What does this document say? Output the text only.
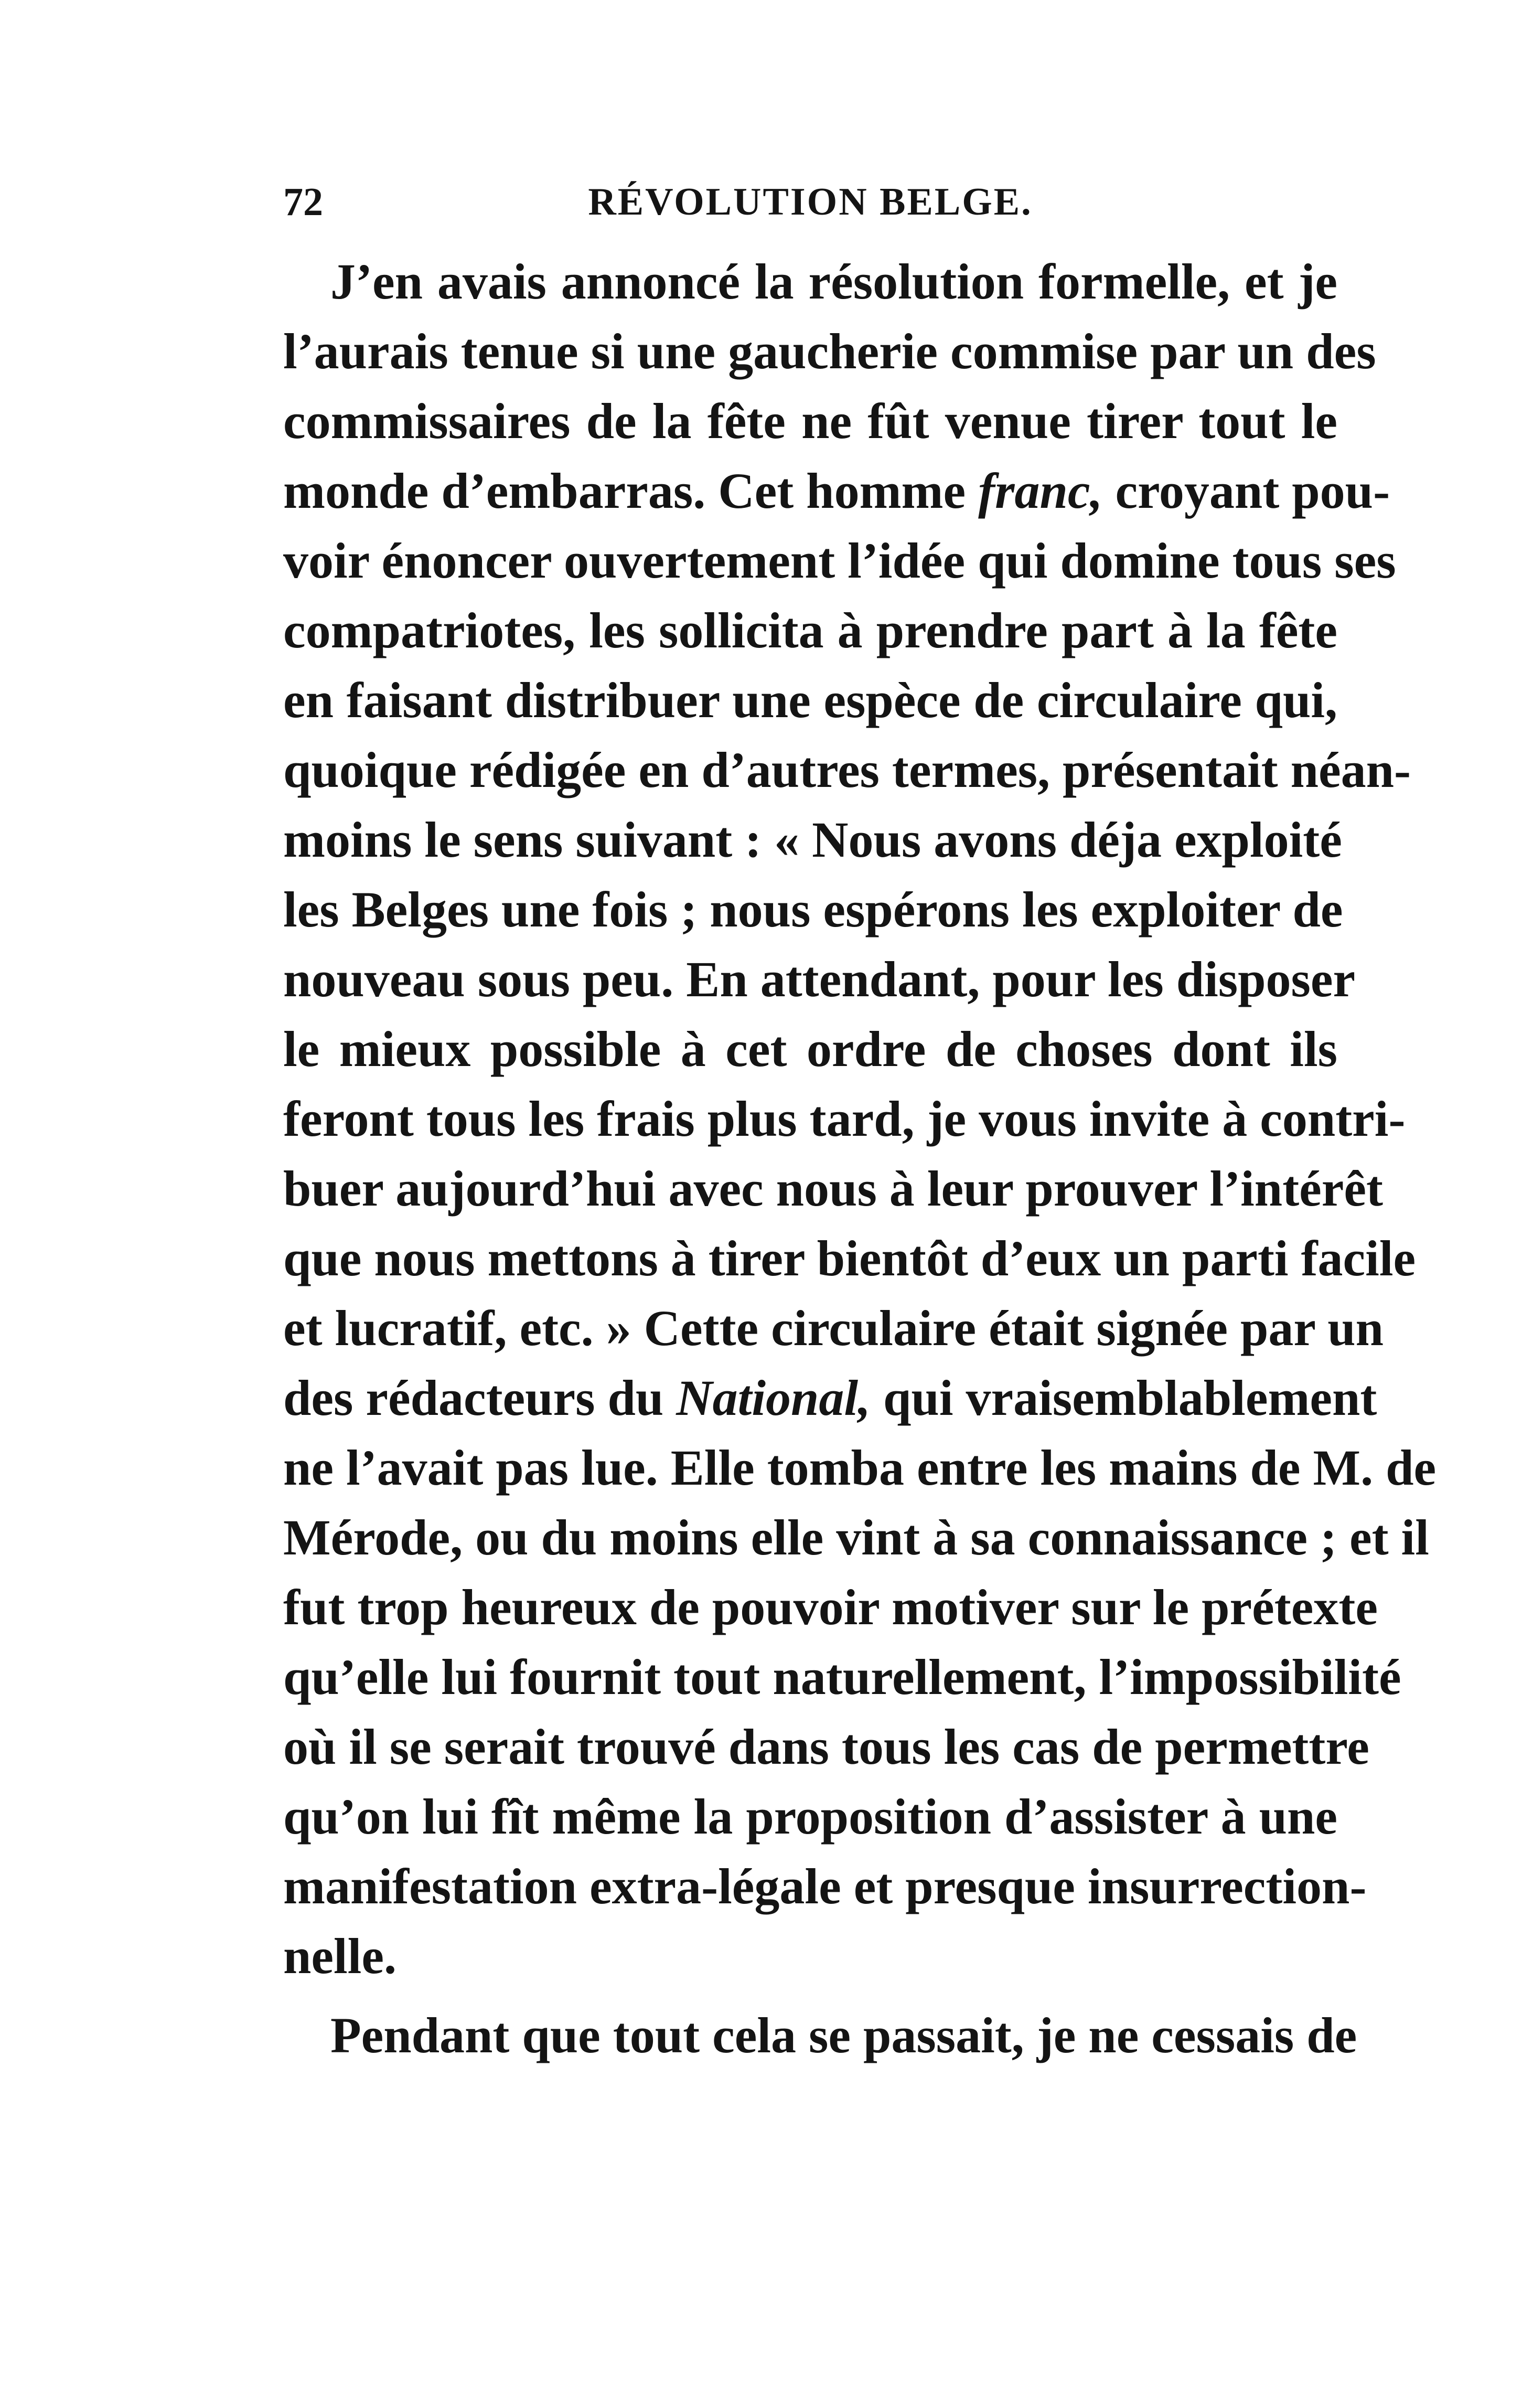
72	RÉVOLUTION BELGE.
J’en avais annoncé la résolution formelle, et je
l’aurais tenue si une gaucherie commise par un des
commissaires de la fête ne fût venue tirer tout le
monde d’embarras. Cet homme franc, croyant pou-
voir énoncer ouvertement l’idée qui domine tous ses
compatriotes, les sollicita à prendre part à la fête
en faisant distribuer une espèce de circulaire qui,
quoique rédigée en d’autres termes, présentait néan-
moins le sens suivant : « Nous avons déja exploité
les Belges une fois ; nous espérons les exploiter de
nouveau sous peu. En attendant, pour les disposer
le mieux possible à cet ordre de choses dont ils
feront tous les frais plus tard, je vous invite à contri-
buer aujourd’hui avec nous à leur prouver l’intérêt
que nous mettons à tirer bientôt d’eux un parti facile
et lucratif, etc. » Cette circulaire était signée par un
des rédacteurs du National, qui vraisemblablement
ne l’avait pas lue. Elle tomba entre les mains de M. de
Mérode, ou du moins elle vint à sa connaissance ; et il
fut trop heureux de pouvoir motiver sur le prétexte
qu’elle lui fournit tout naturellement, l’impossibilité
où il se serait trouvé dans tous les cas de permettre
qu’on lui fît même la proposition d’assister à une
manifestation extra-légale et presque insurrection-
nelle.
Pendant que tout cela se passait, je ne cessais de
